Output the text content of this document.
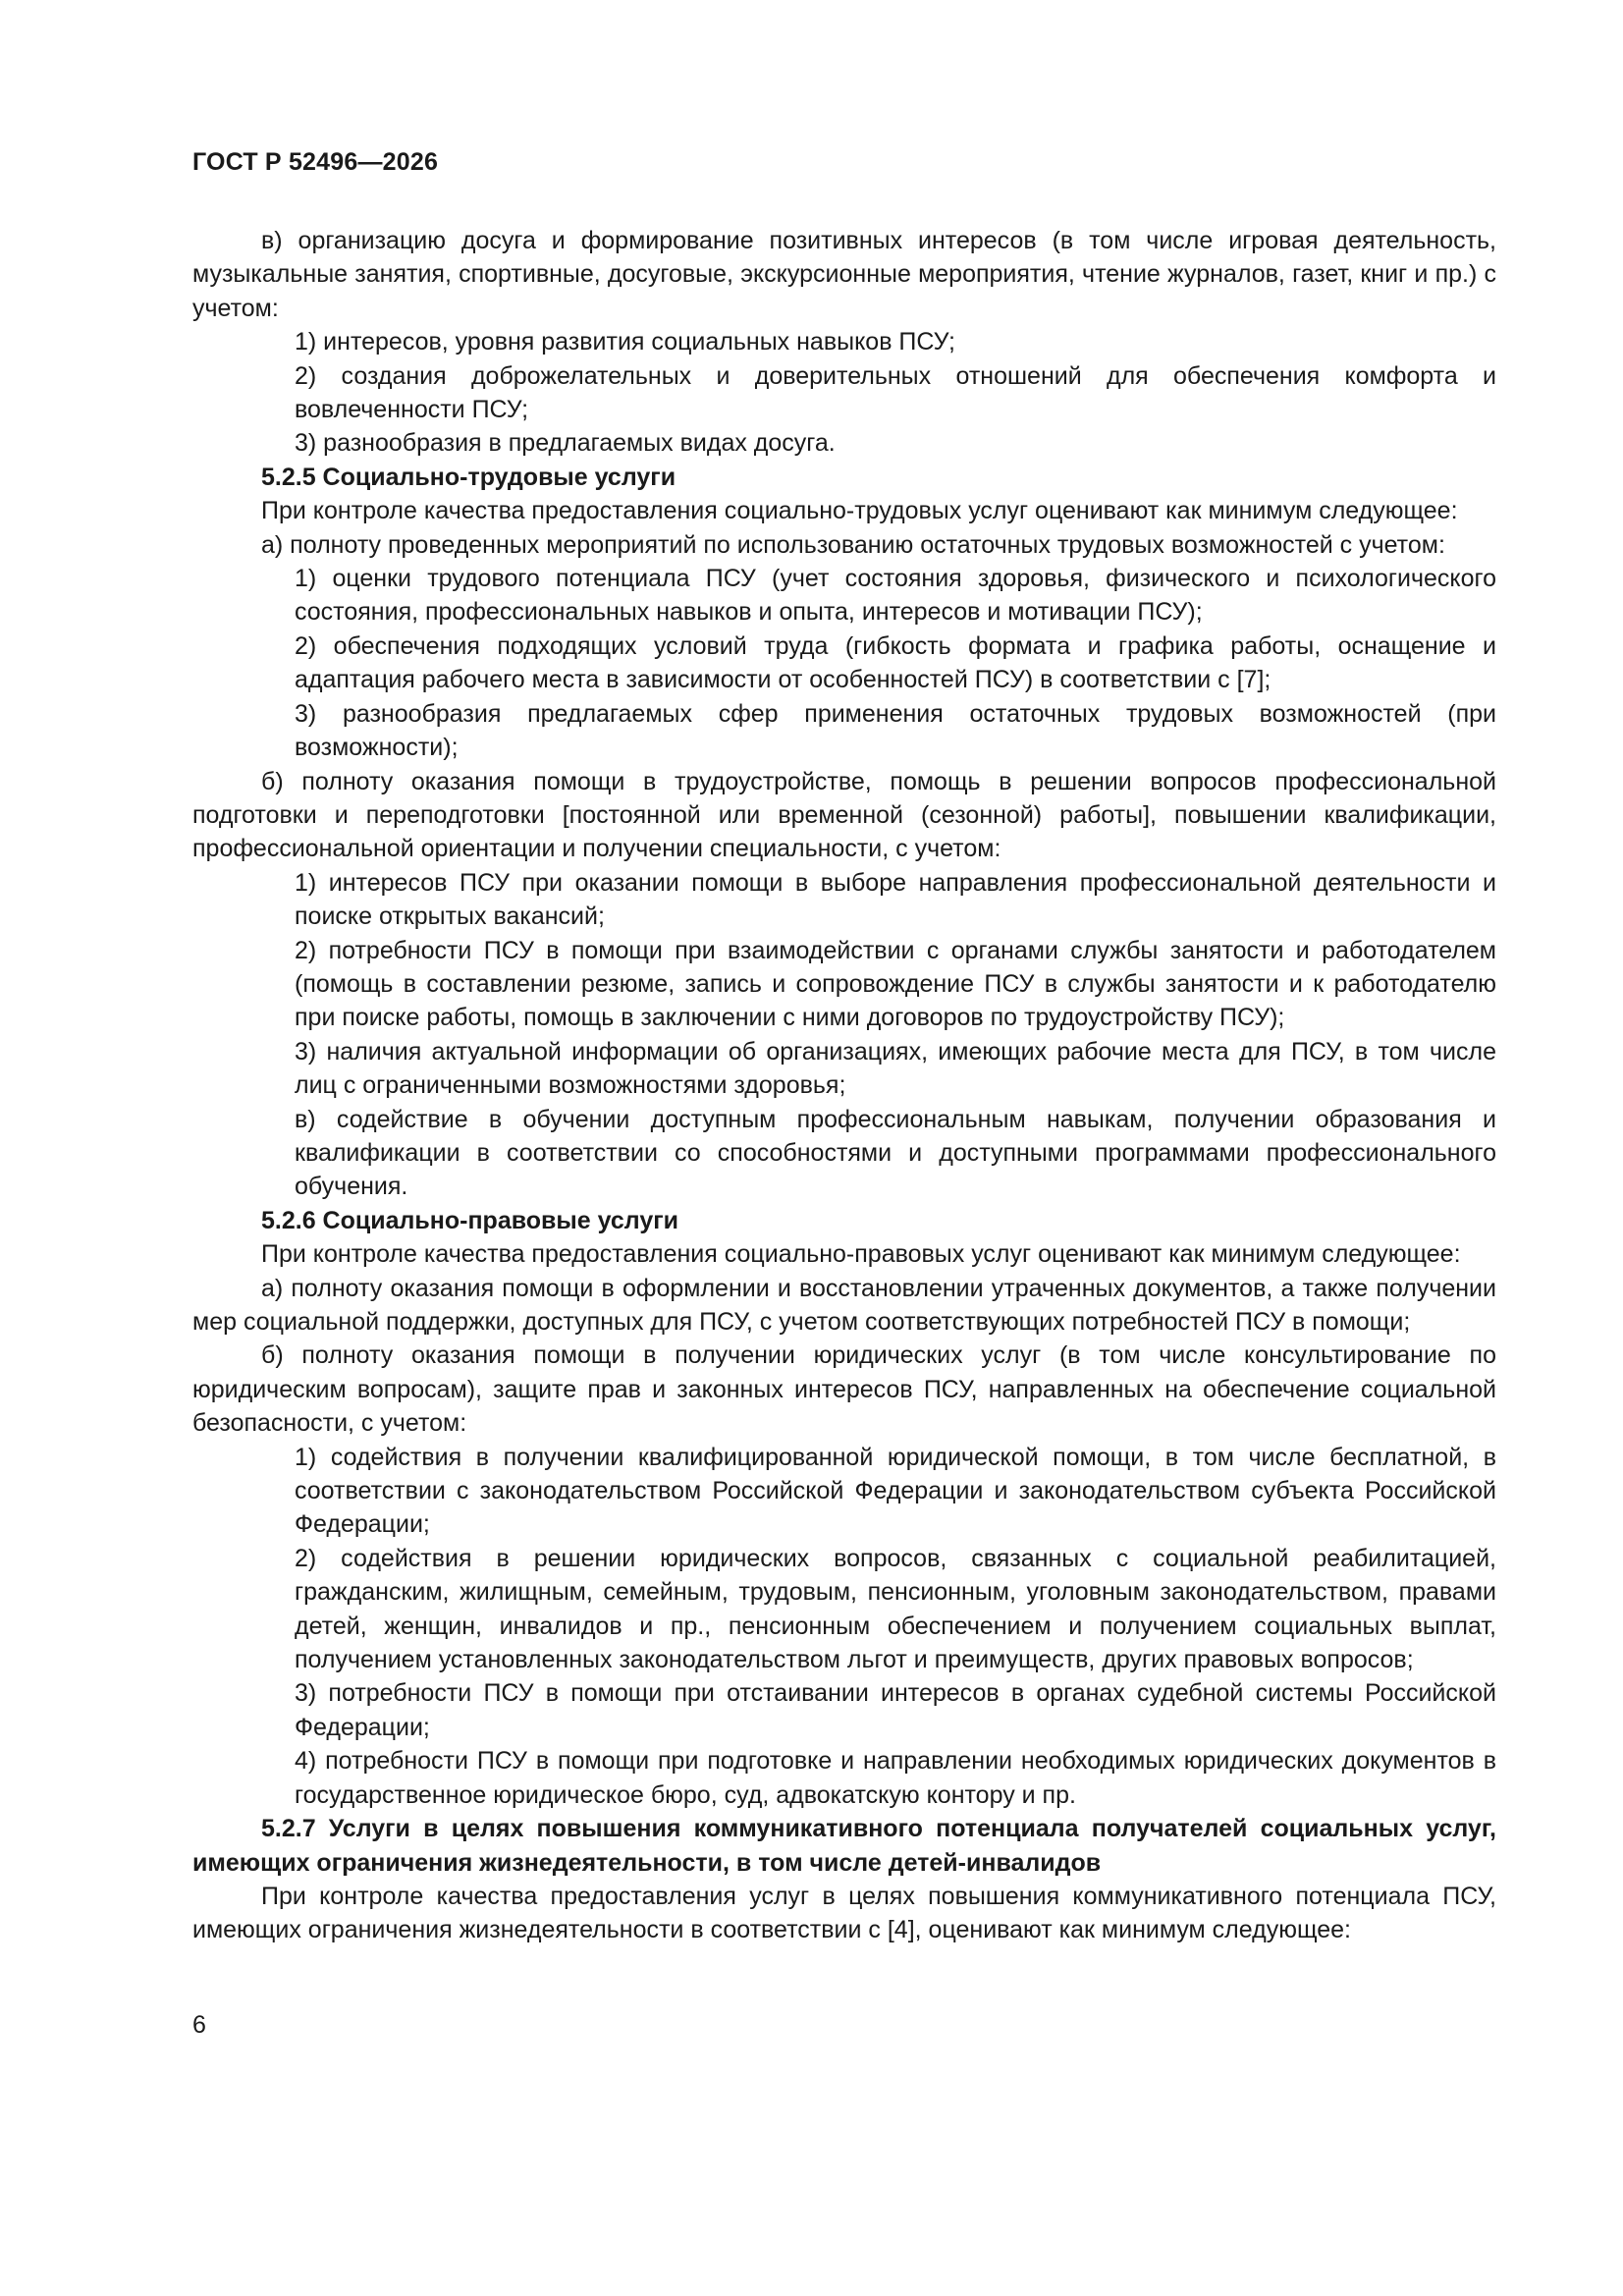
ГОСТ Р 52496—2026

в) организацию досуга и формирование позитивных интересов (в том числе игровая деятельность, музыкальные занятия, спортивные, досуговые, экскурсионные мероприятия, чтение журналов, газет, книг и пр.) с учетом:

1) интересов, уровня развития социальных навыков ПСУ;

2) создания доброжелательных и доверительных отношений для обеспечения комфорта и вовлеченности ПСУ;

3) разнообразия в предлагаемых видах досуга.

5.2.5 Социально-трудовые услуги

При контроле качества предоставления социально-трудовых услуг оценивают как минимум следующее:

а) полноту проведенных мероприятий по использованию остаточных трудовых возможностей с учетом:

1) оценки трудового потенциала ПСУ (учет состояния здоровья, физического и психологического состояния, профессиональных навыков и опыта, интересов и мотивации ПСУ);

2) обеспечения подходящих условий труда (гибкость формата и графика работы, оснащение и адаптация рабочего места в зависимости от особенностей ПСУ) в соответствии с [7];

3) разнообразия предлагаемых сфер применения остаточных трудовых возможностей (при возможности);

б) полноту оказания помощи в трудоустройстве, помощь в решении вопросов профессиональной подготовки и переподготовки [постоянной или временной (сезонной) работы], повышении квалификации, профессиональной ориентации и получении специальности, с учетом:

1) интересов ПСУ при оказании помощи в выборе направления профессиональной деятельности и поиске открытых вакансий;

2) потребности ПСУ в помощи при взаимодействии с органами службы занятости и работодателем (помощь в составлении резюме, запись и сопровождение ПСУ в службы занятости и к работодателю при поиске работы, помощь в заключении с ними договоров по трудоустройству ПСУ);

3) наличия актуальной информации об организациях, имеющих рабочие места для ПСУ, в том числе лиц с ограниченными возможностями здоровья;

в) содействие в обучении доступным профессиональным навыкам, получении образования и квалификации в соответствии со способностями и доступными программами профессионального обучения.

5.2.6 Социально-правовые услуги

При контроле качества предоставления социально-правовых услуг оценивают как минимум следующее:

а) полноту оказания помощи в оформлении и восстановлении утраченных документов, а также получении мер социальной поддержки, доступных для ПСУ, с учетом соответствующих потребностей ПСУ в помощи;

б) полноту оказания помощи в получении юридических услуг (в том числе консультирование по юридическим вопросам), защите прав и законных интересов ПСУ, направленных на обеспечение социальной безопасности, с учетом:

1) содействия в получении квалифицированной юридической помощи, в том числе бесплатной, в соответствии с законодательством Российской Федерации и законодательством субъекта Российской Федерации;

2) содействия в решении юридических вопросов, связанных с социальной реабилитацией, гражданским, жилищным, семейным, трудовым, пенсионным, уголовным законодательством, правами детей, женщин, инвалидов и пр., пенсионным обеспечением и получением социальных выплат, получением установленных законодательством льгот и преимуществ, других правовых вопросов;

3) потребности ПСУ в помощи при отстаивании интересов в органах судебной системы Российской Федерации;

4) потребности ПСУ в помощи при подготовке и направлении необходимых юридических документов в государственное юридическое бюро, суд, адвокатскую контору и пр.

5.2.7 Услуги в целях повышения коммуникативного потенциала получателей социальных услуг, имеющих ограничения жизнедеятельности, в том числе детей-инвалидов

При контроле качества предоставления услуг в целях повышения коммуникативного потенциала ПСУ, имеющих ограничения жизнедеятельности в соответствии с [4], оценивают как минимум следующее:

6
